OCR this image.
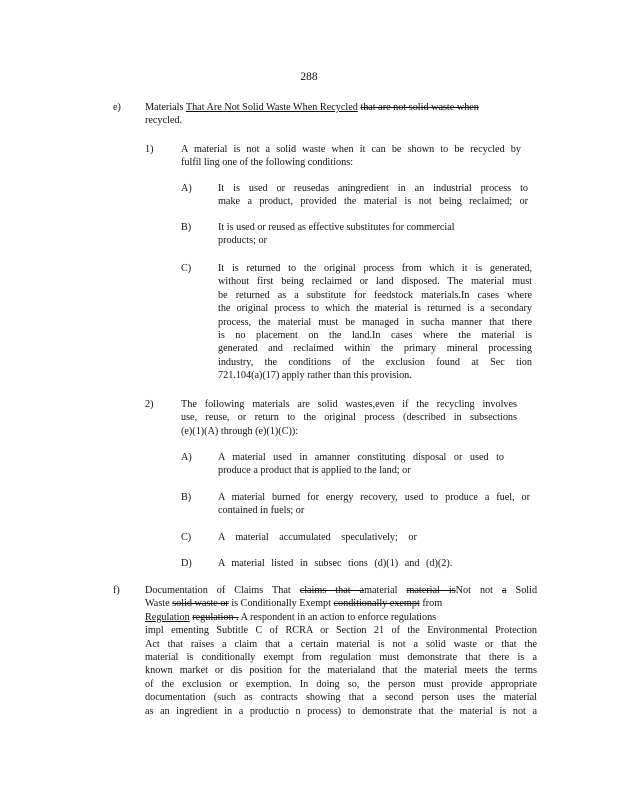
288
e) Materials That Are Not Solid Waste When Recycled that are not solid waste when
recycled.
1)	A material is not a solid waste when it can be shown to be recycled by
fulfil ling one of the following conditions:
A)	It is used or reusedas aningredient in an industrial process to
make a product, provided the material is not being reclaimed; or
B)	It is used or reused as effective substitutes for commercial
products; or
C)	It is returned to the original process from which it is generated,
without first being reclaimed or land disposed. The material must
be returned as a substitute for feedstock materials.In cases where
the original process to which the material is returned is a secondary
process, the material must be managed in sucha manner that there
is no placement on the land.In cases where the material is
generated and reclaimed within the primary mineral processing
industry, the conditions of the exclusion found at Sec tion
721.104(a)(17) apply rather than this provision.
2)	The following materials are solid wastes,even if the recycling involves
use, reuse, or return to the original process (described in subsections
(e)(1)(A) through (e)(1)(C)):
A)	A material used in amanner constituting disposal or used to
produce a product that is applied to the land; or
B)	A material burned for energy recovery, used to produce a fuel, or
contained in fuels; or
C)	A material accumulated speculatively; or
D)	A material listed in subsec tions (d)(1) and (d)(2).
f) Documentation of Claims That claims that amaterial material isNot not a Solid
Waste solid waste or is Conditionally Exempt conditionally exempt from
Regulation regulation . A respondent in an action to enforce regulations
impl ementing Subtitle C of RCRA or Section 21 of the Environmental Protection
Act that raises a claim that a certain material is not a solid waste or that the
material is conditionally exempt from regulation must demonstrate that there is a
known market or dis position for the materialand that the material meets the terms
of the exclusion or exemption. In doing so, the person must provide appropriate
documentation (such as contracts showing that a second person uses the material
as an ingredient in a productio n process) to demonstrate that the material is not a
